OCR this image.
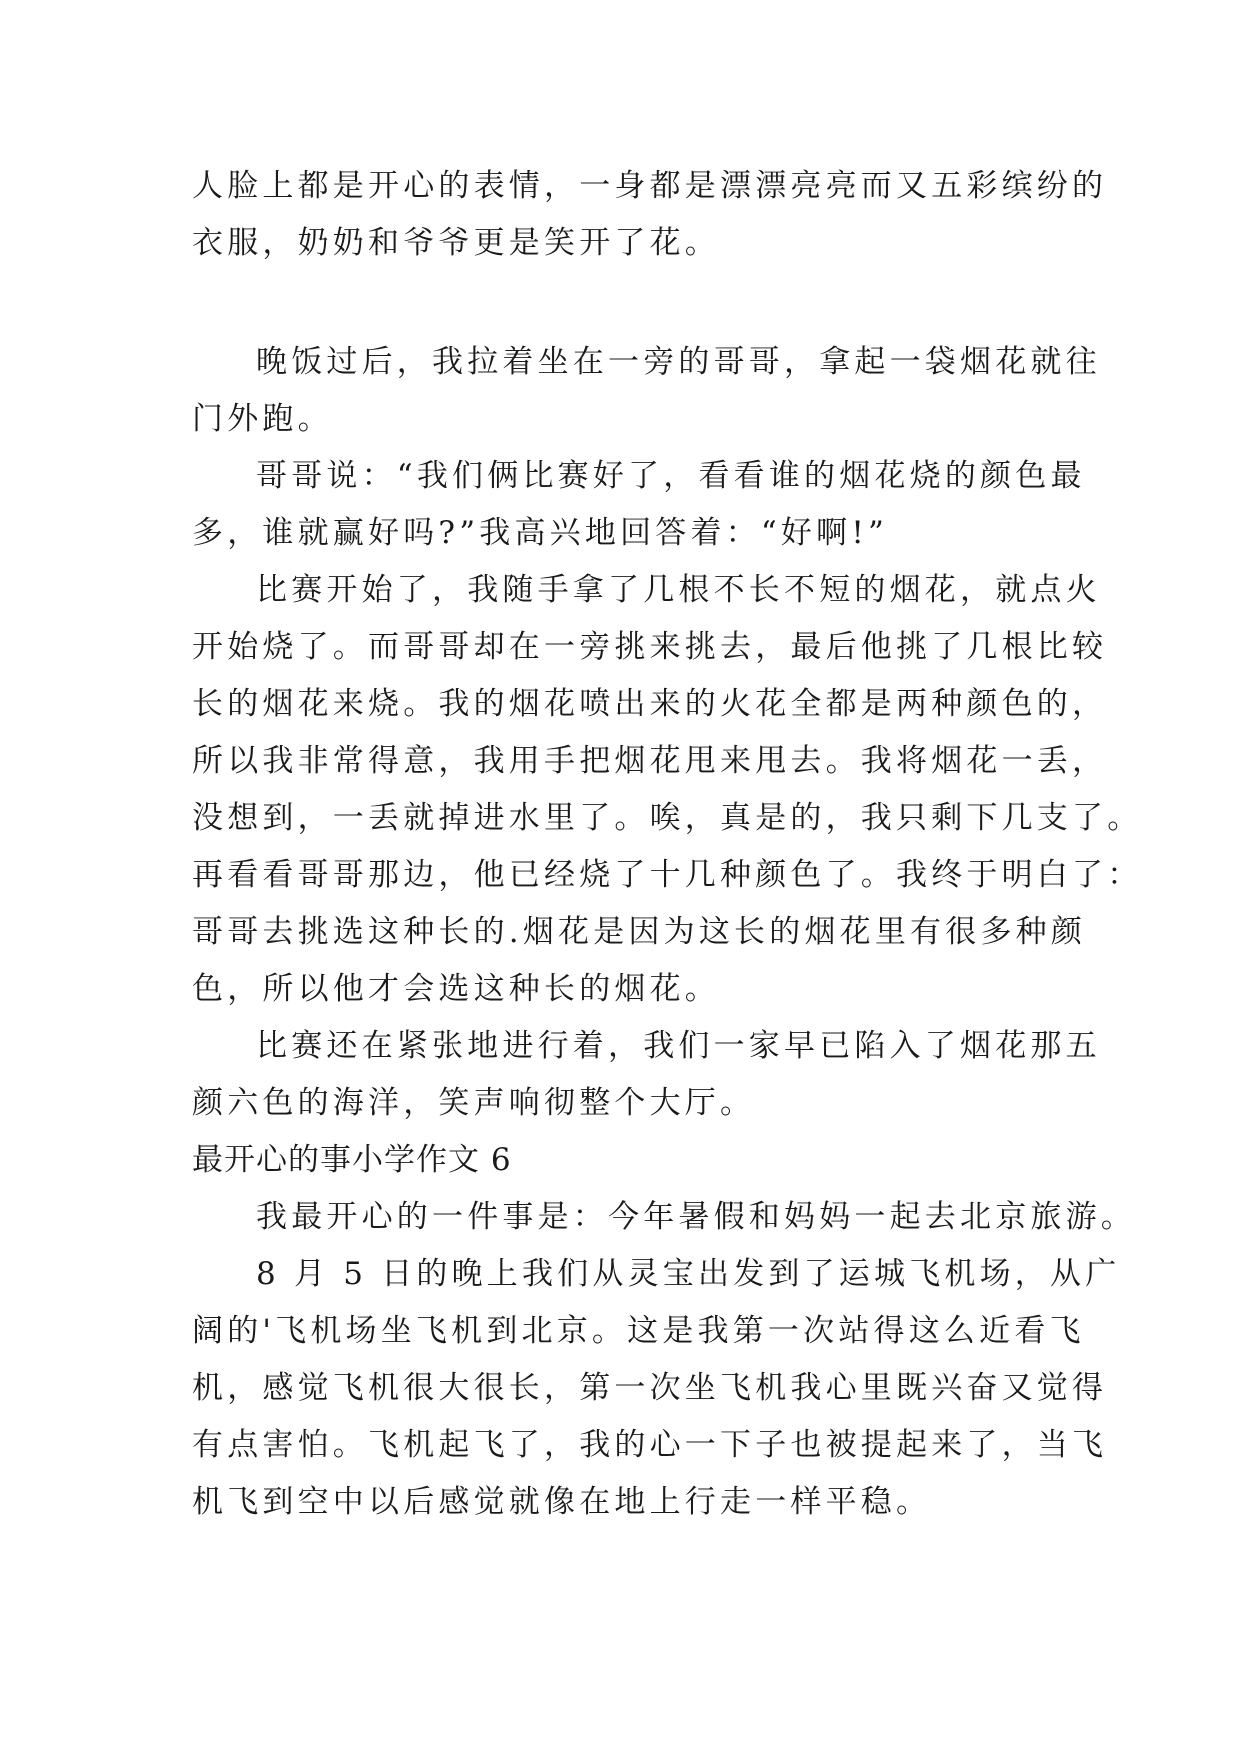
人脸上都是开心的表情，一身都是漂漂亮亮而又五彩缤纷的
衣服，奶奶和爷爷更是笑开了花。
晚饭过后，我拉着坐在一旁的哥哥，拿起一袋烟花就往
门外跑。
哥哥说：“我们俩比赛好了，看看谁的烟花烧的颜色最
多，谁就赢好吗?”我高兴地回答着：“好啊!”
比赛开始了，我随手拿了几根不长不短的烟花，就点火
开始烧了。而哥哥却在一旁挑来挑去，最后他挑了几根比较
长的烟花来烧。我的烟花喷出来的火花全都是两种颜色的，
所以我非常得意，我用手把烟花甩来甩去。我将烟花一丢，
没想到，一丢就掉进水里了。唉，真是的，我只剩下几支了。
再看看哥哥那边，他已经烧了十几种颜色了。我终于明白了：
哥哥去挑选这种长的.烟花是因为这长的烟花里有很多种颜
色，所以他才会选这种长的烟花。
比赛还在紧张地进行着，我们一家早已陷入了烟花那五
颜六色的海洋，笑声响彻整个大厅。
最开心的事小学作文 6
我最开心的一件事是：今年暑假和妈妈一起去北京旅游。
8 月 5 日的晚上我们从灵宝出发到了运城飞机场，从广
阔的'飞机场坐飞机到北京。这是我第一次站得这么近看飞
机，感觉飞机很大很长，第一次坐飞机我心里既兴奋又觉得
有点害怕。飞机起飞了，我的心一下子也被提起来了，当飞
机飞到空中以后感觉就像在地上行走一样平稳。
